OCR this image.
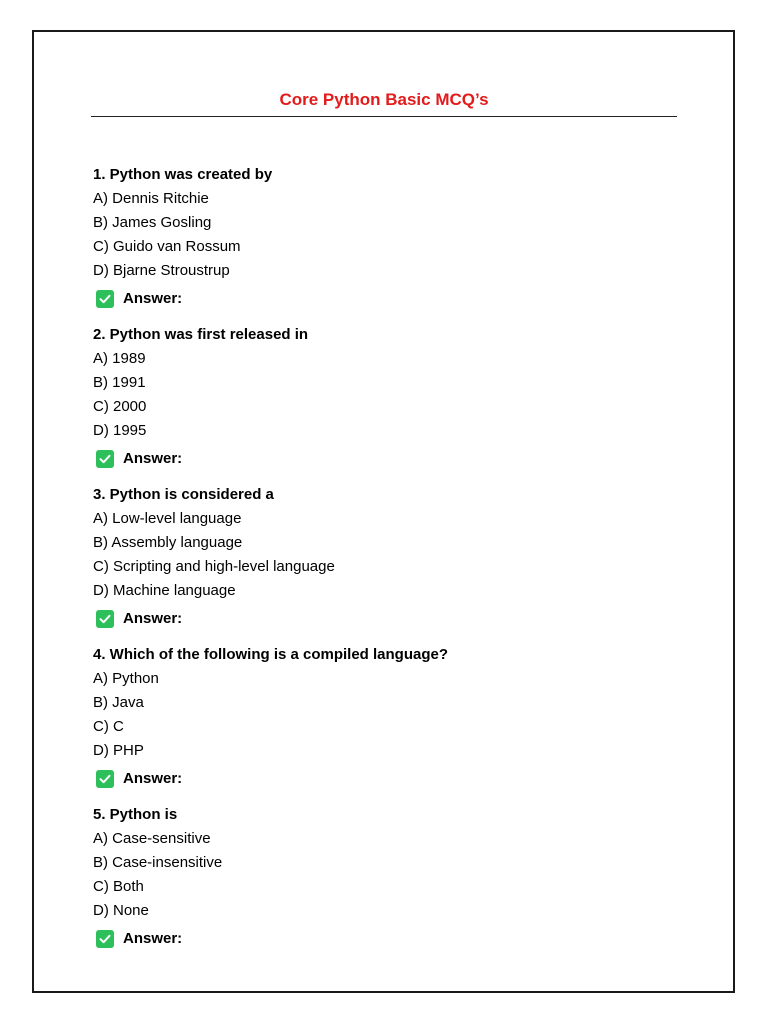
Core Python Basic MCQ’s
1. Python was created by
A) Dennis Ritchie
B) James Gosling
C) Guido van Rossum
D) Bjarne Stroustrup
Answer:
2. Python was first released in
A) 1989
B) 1991
C) 2000
D) 1995
Answer:
3. Python is considered a
A) Low-level language
B) Assembly language
C) Scripting and high-level language
D) Machine language
Answer:
4. Which of the following is a compiled language?
A) Python
B) Java
C) C
D) PHP
Answer:
5. Python is
A) Case-sensitive
B) Case-insensitive
C) Both
D) None
Answer:
